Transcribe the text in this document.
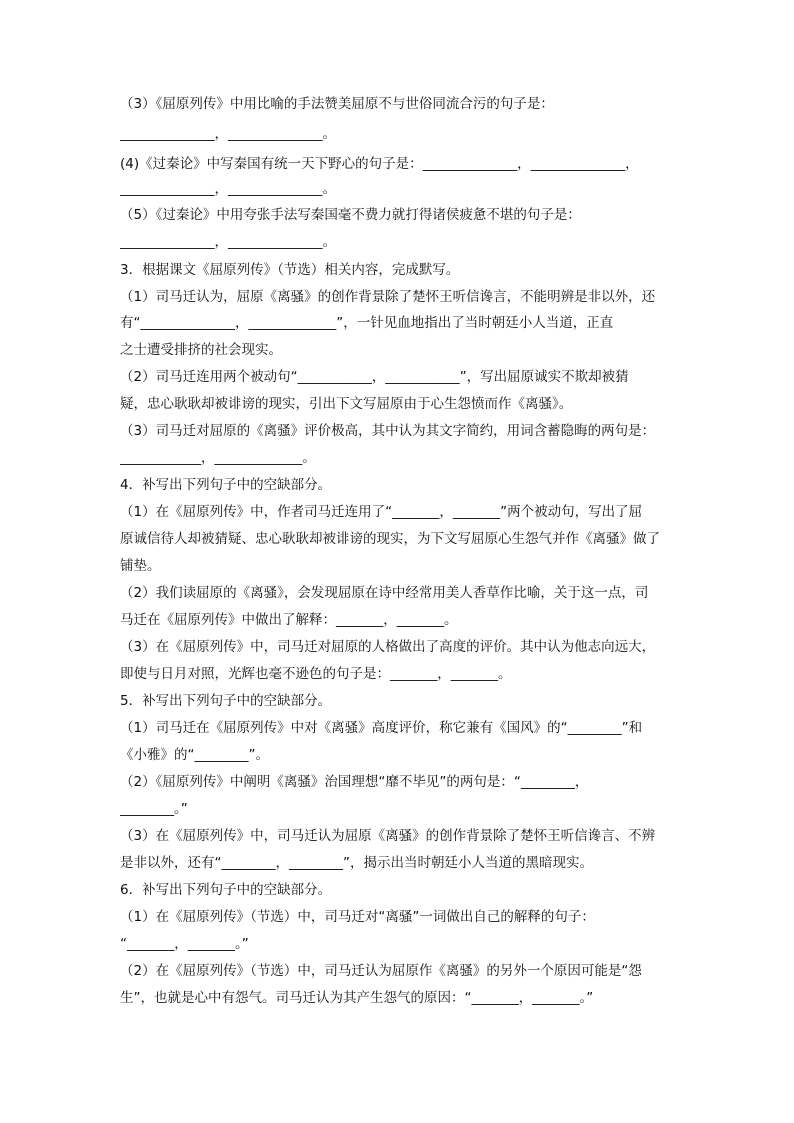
（3）《屈原列传》中用比喻的手法赞美屈原不与世俗同流合污的句子是：
______________，______________。
(4)《过秦论》中写秦国有统一天下野心的句子是：______________，______________，
______________，______________。
（5）《过秦论》中用夸张手法写秦国毫不费力就打得诸侯疲惫不堪的句子是：
______________，______________。
3．根据课文《屈原列传》（节选）相关内容，完成默写。
（1）司马迁认为，屈原《离骚》的创作背景除了楚怀王听信谗言，不能明辨是非以外，还
有“______________，_____________”，一针见血地指出了当时朝廷小人当道，正直
之士遭受排挤的社会现实。
（2）司马迁连用两个被动句“___________，___________”，写出屈原诚实不欺却被猜
疑，忠心耿耿却被诽谤的现实，引出下文写屈原由于心生怨愤而作《离骚》。
（3）司马迁对屈原的《离骚》评价极高，其中认为其文字简约，用词含蓄隐晦的两句是：
____________，_____________。
4．补写出下列句子中的空缺部分。
（1）在《屈原列传》中，作者司马迁连用了“_______，_______”两个被动句，写出了屈
原诚信待人却被猜疑、忠心耿耿却被诽谤的现实，为下文写屈原心生怨气并作《离骚》做了
铺垫。
（2）我们读屈原的《离骚》，会发现屈原在诗中经常用美人香草作比喻，关于这一点，司
马迁在《屈原列传》中做出了解释：_______，_______。
（3）在《屈原列传》中，司马迁对屈原的人格做出了高度的评价。其中认为他志向远大，
即使与日月对照，光辉也毫不逊色的句子是：_______，_______。
5．补写出下列句子中的空缺部分。
（1）司马迁在《屈原列传》中对《离骚》高度评价，称它兼有《国风》的“________”和
《小雅》的“________”。
（2）《屈原列传》中阐明《离骚》治国理想“靡不毕见”的两句是：“________，
________。”
（3）在《屈原列传》中，司马迁认为屈原《离骚》的创作背景除了楚怀王听信谗言、不辨
是非以外，还有“________，________”，揭示出当时朝廷小人当道的黑暗现实。
6．补写出下列句子中的空缺部分。
（1）在《屈原列传》（节选）中，司马迁对“离骚”一词做出自己的解释的句子：
“_______，_______。”
（2）在《屈原列传》（节选）中，司马迁认为屈原作《离骚》的另外一个原因可能是“怨
生”，也就是心中有怨气。司马迁认为其产生怨气的原因：“_______，_______。”
